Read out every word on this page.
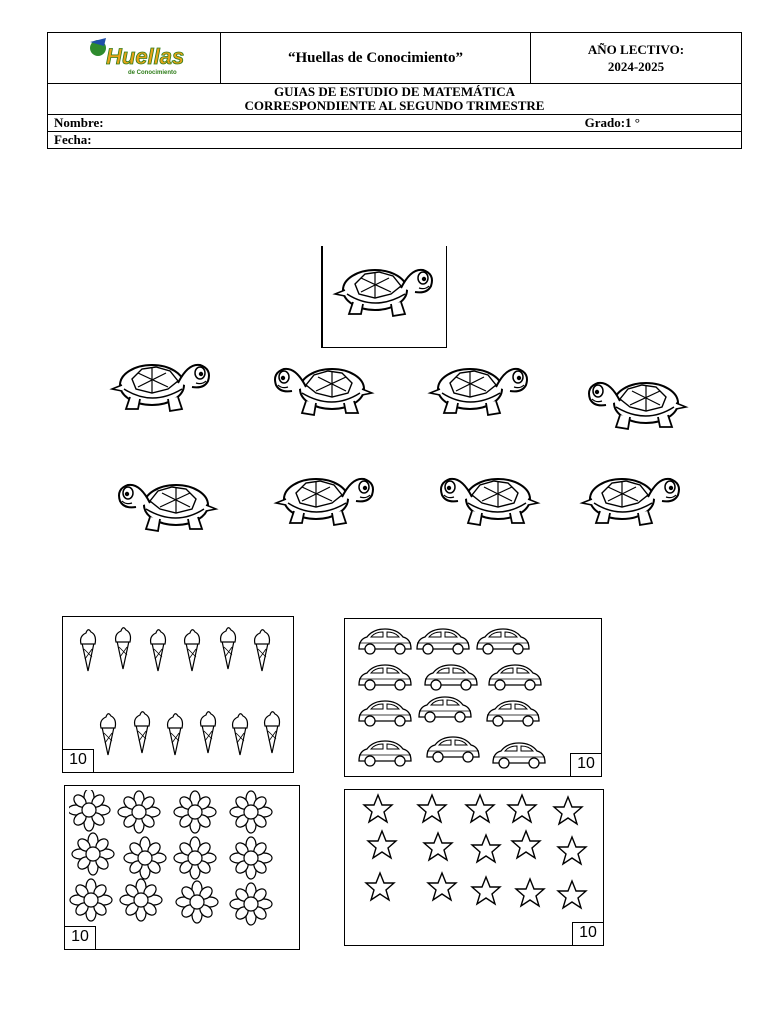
Huellas
de Conocimiento
	“Huellas de Conocimiento”	AÑO LECTIVO:
2024-2025

GUIAS DE ESTUDIO DE MATEMÁTICA
CORRESPONDIENTE AL SEGUNDO TRIMESTRE

Nombre:	Grado:1 °

Fecha:
10	10
10	10
